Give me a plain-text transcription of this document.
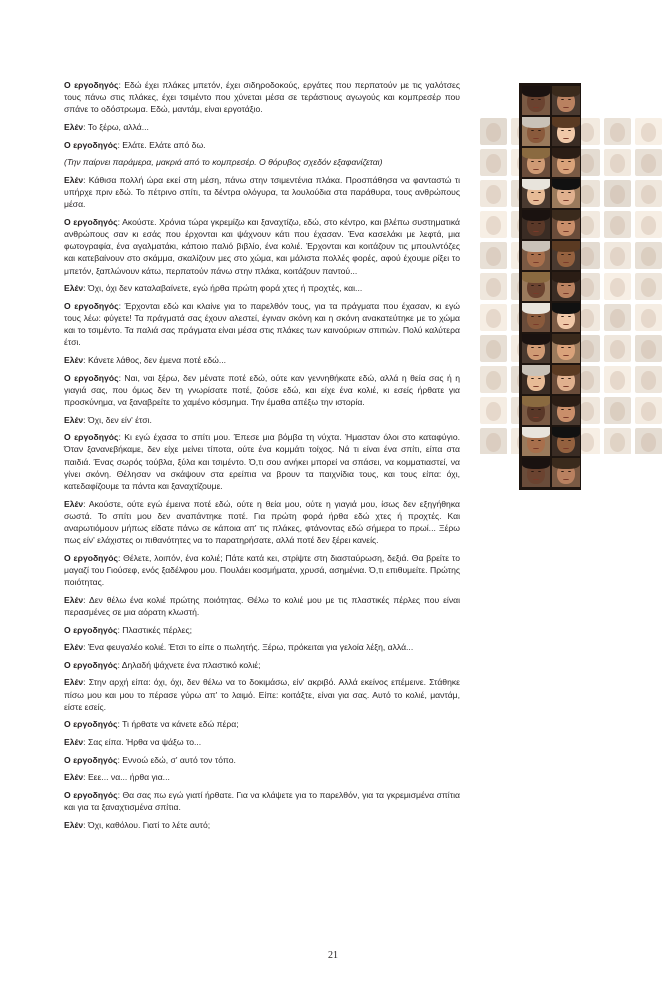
Ο εργοδηγός: Εδώ έχει πλάκες μπετόν, έχει σιδηροδοκούς, εργάτες που περπατούν με τις γαλότσες τους πάνω στις πλάκες, έχει τσιμέντο που χύνεται μέσα σε τεράστιους αγωγούς και κομπρεσέρ που σπάνε το οδόστρωμα. Εδώ, μαντάμ, είναι εργοτάξιο.

Ελέν: Το ξέρω, αλλά...

Ο εργοδηγός: Ελάτε. Ελάτε από δω.

(Την παίρνει παράμερα, μακριά από το κομπρεσέρ. Ο θόρυβος σχεδόν εξαφανίζεται)

Ελέν: Κάθισα πολλή ώρα εκεί στη μέση, πάνω στην τσιμεντένια πλάκα. Προσπάθησα να φανταστώ τι υπήρχε πριν εδώ. Το πέτρινο σπίτι, τα δέντρα ολόγυρα, τα λουλούδια στα παράθυρα, τους ανθρώπους μέσα.

Ο εργοδηγός: Ακούστε. Χρόνια τώρα γκρεμίζω και ξαναχτίζω, εδώ, στο κέντρο, και βλέπω συστηματικά ανθρώπους σαν κι εσάς που έρχονται και ψάχνουν κάτι που έχασαν. Ένα κασελάκι με λεφτά, μια φωτογραφία, ένα αγαλματάκι, κάποιο παλιό βιβλίο, ένα κολιέ. Έρχονται και κοιτάζουν τις μπουλντόζες και κατεβαίνουν στο σκάμμα, σκαλίζουν μες στο χώμα, και μάλιστα πολλές φορές, αφού έχουμε ρίξει το μπετόν, ξαπλώνουν κάτω, περπατούν πάνω στην πλάκα, κοιτάζουν παντού...

Ελέν: Όχι, όχι δεν καταλαβαίνετε, εγώ ήρθα πρώτη φορά χτες ή προχτές, και...

Ο εργοδηγός: Έρχονται εδώ και κλαίνε για το παρελθόν τους, για τα πράγματα που έχασαν, κι εγώ τους λέω: φύγετε! Τα πράγματά σας έχουν αλεστεί, έγιναν σκόνη και η σκόνη ανακατεύτηκε με το χώμα και το τσιμέντο. Τα παλιά σας πράγματα είναι μέσα στις πλάκες των καινούριων σπιτιών. Πολύ καλύτερα έτσι.

Ελέν: Κάνετε λάθος, δεν έμενα ποτέ εδώ...

Ο εργοδηγός: Ναι, ναι ξέρω, δεν μένατε ποτέ εδώ, ούτε καν γεννηθήκατε εδώ, αλλά η θεία σας ή η γιαγιά σας, που όμως δεν τη γνωρίσατε ποτέ, ζούσε εδώ, και είχε ένα κολιέ, κι εσείς ήρθατε για προσκύνημα, να ξαναβρείτε το χαμένο κόσμημα. Την έμαθα απέξω την ιστορία.

Ελέν: Όχι, δεν είν' έτσι.

Ο εργοδηγός: Κι εγώ έχασα το σπίτι μου. Έπεσε μια βόμβα τη νύχτα. Ήμασταν όλοι στο καταφύγιο. Όταν ξανανεβήκαμε, δεν είχε μείνει τίποτα, ούτε ένα κομμάτι τοίχος. Νά τι είναι ένα σπίτι, είπα στα παιδιά. Ένας σωρός τούβλα, ξύλα και τσιμέντο. Ό,τι σου ανήκει μπορεί να σπάσει, να κομματιαστεί, να γίνει σκόνη. Θέλησαν να σκάψουν στα ερείπια να βρουν τα παιχνίδια τους, και τους είπα: όχι, κατεδαφίζουμε τα πάντα και ξαναχτίζουμε.

Ελέν: Ακούστε, ούτε εγώ έμεινα ποτέ εδώ, ούτε η θεία μου, ούτε η γιαγιά μου, ίσως δεν εξηγήθηκα σωστά. Το σπίτι μου δεν αναπάντηκε ποτέ. Για πρώτη φορά ήρθα εδώ χτες ή προχτές. Και αναρωτιόμουν μήπως είδατε πάνω σε κάποια απ' τις πλάκες, φτάνοντας εδώ σήμερα το πρωί... Ξέρω πως είν' ελάχιστες οι πιθανότητες να το παρατηρήσατε, αλλά ποτέ δεν ξέρει κανείς.

Ο εργοδηγός: Θέλετε, λοιπόν, ένα κολιέ; Πάτε κατά κει, στρίψτε στη διασταύρωση, δεξιά. Θα βρείτε το μαγαζί του Γιούσεφ, ενός ξαδέλφου μου. Πουλάει κοσμήματα, χρυσά, ασημένια. Ό,τι επιθυμείτε. Πρώτης ποιότητας.

Ελέν: Δεν θέλω ένα κολιέ πρώτης ποιότητας. Θέλω το κολιέ μου με τις πλαστικές πέρλες που είναι περασμένες σε μια αόρατη κλωστή.

Ο εργοδηγός: Πλαστικές πέρλες;

Ελέν: Ένα φευγαλέο κολιέ. Έτσι το είπε ο πωλητής. Ξέρω, πρόκειται για γελοία λέξη, αλλά...

Ο εργοδηγός: Δηλαδή ψάχνετε ένα πλαστικό κολιέ;

Ελέν: Στην αρχή είπα: όχι, όχι, δεν θέλω να το δοκιμάσω, είν' ακριβό. Αλλά εκείνος επέμεινε. Στάθηκε πίσω μου και μου το πέρασε γύρω απ' το λαιμό. Είπε: κοιτάξτε, είναι για σας. Αυτό το κολιέ, μαντάμ, είστε εσείς.

Ο εργοδηγός: Τι ήρθατε να κάνετε εδώ πέρα;

Ελέν: Σας είπα. Ήρθα να ψάξω το...

Ο εργοδηγός: Εννοώ εδώ, σ' αυτό τον τόπο.

Ελέν: Εεε... να... ήρθα για...

Ο εργοδηγός: Θα σας πω εγώ γιατί ήρθατε. Για να κλάψετε για το παρελθόν, για τα γκρεμισμένα σπίτια και για τα ξαναχτισμένα σπίτια.

Ελέν: Όχι, καθόλου. Γιατί το λέτε αυτό;

21
